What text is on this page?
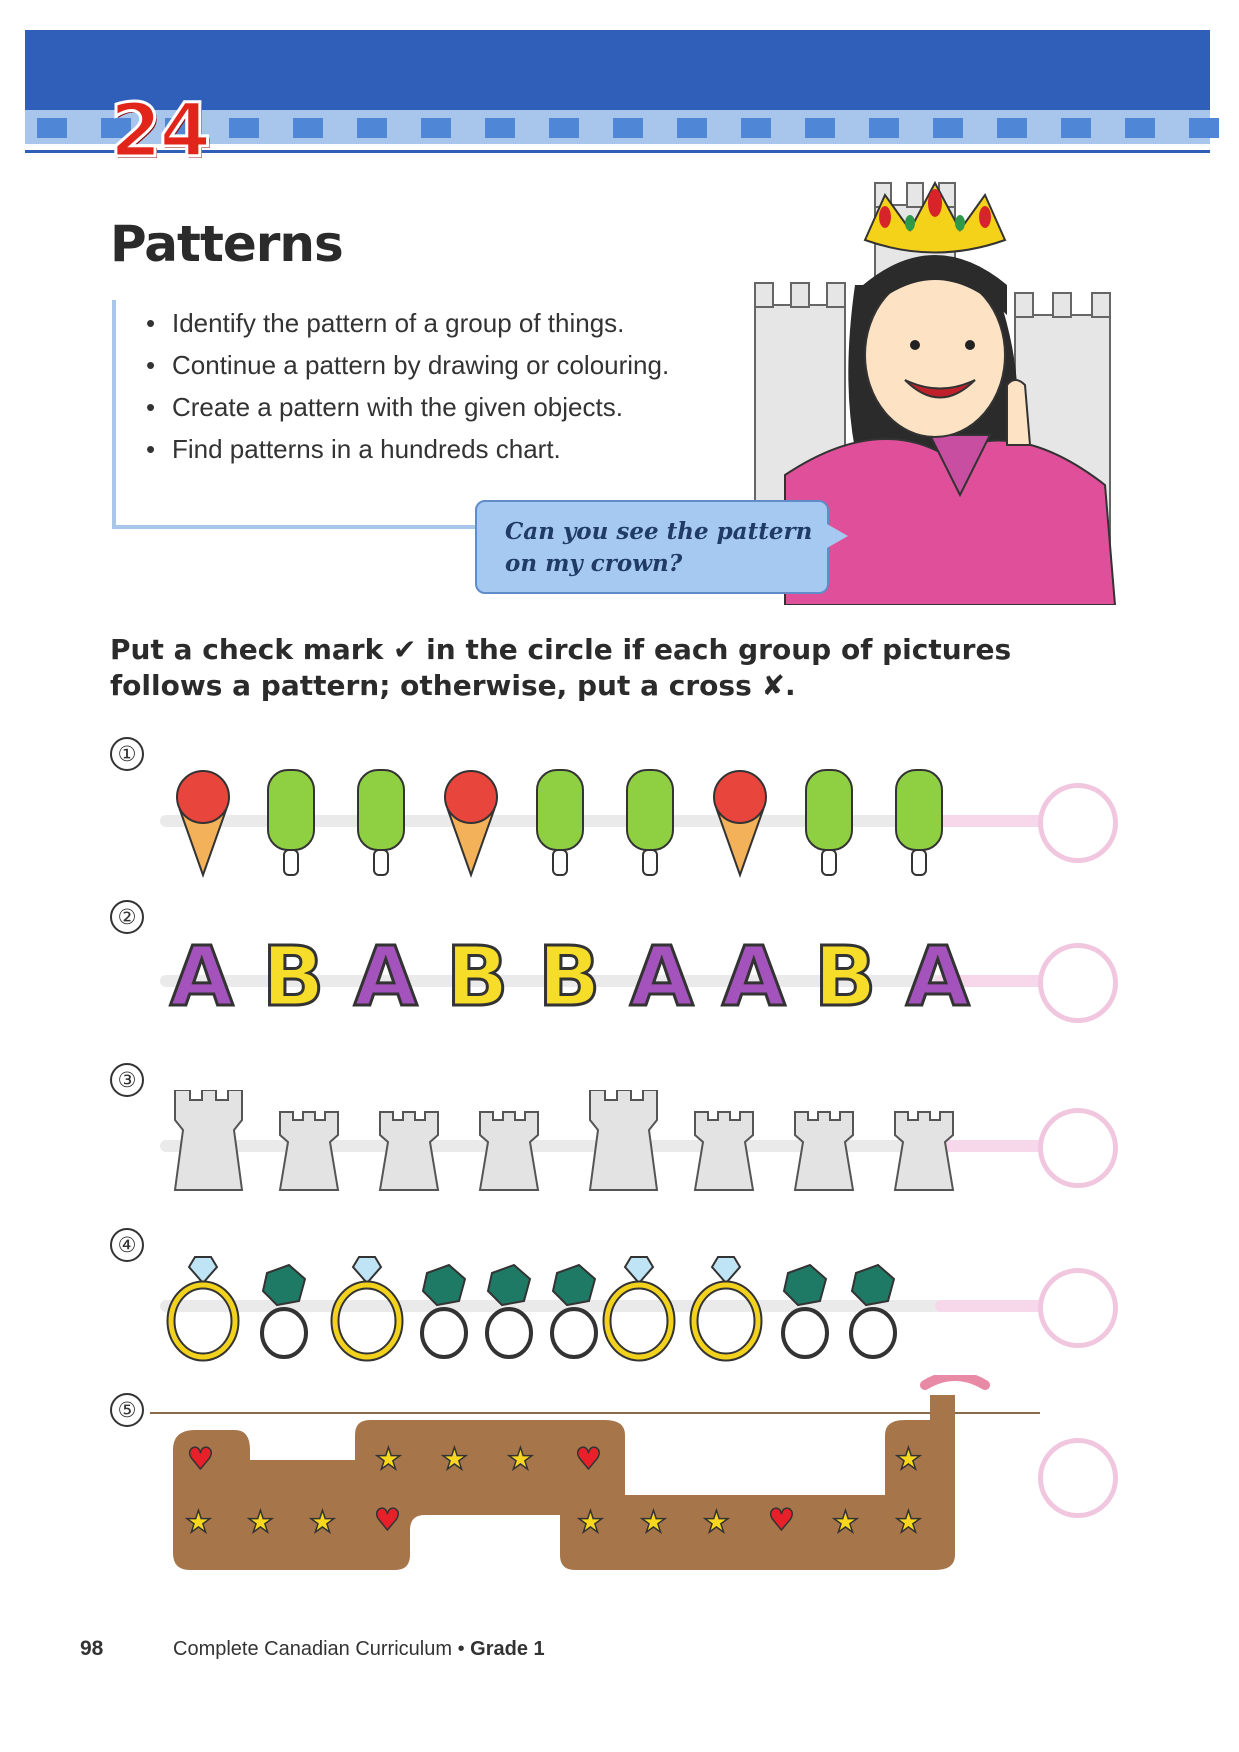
24
Patterns
• Identify the pattern of a group of things.
• Continue a pattern by drawing or colouring.
• Create a pattern with the given objects.
• Find patterns in a hundreds chart.
Can you see the pattern
on my crown?
Put a check mark ✔ in the circle if each group of pictures follows a pattern; otherwise, put a cross ✘.
①
②
A B A B B A A B A
③
④
⑤
♥
★ ★ ★ ♥
★ ★ ★ ♥
★ ★ ★ ♥ ★
★
★
98	Complete Canadian Curriculum • Grade 1
